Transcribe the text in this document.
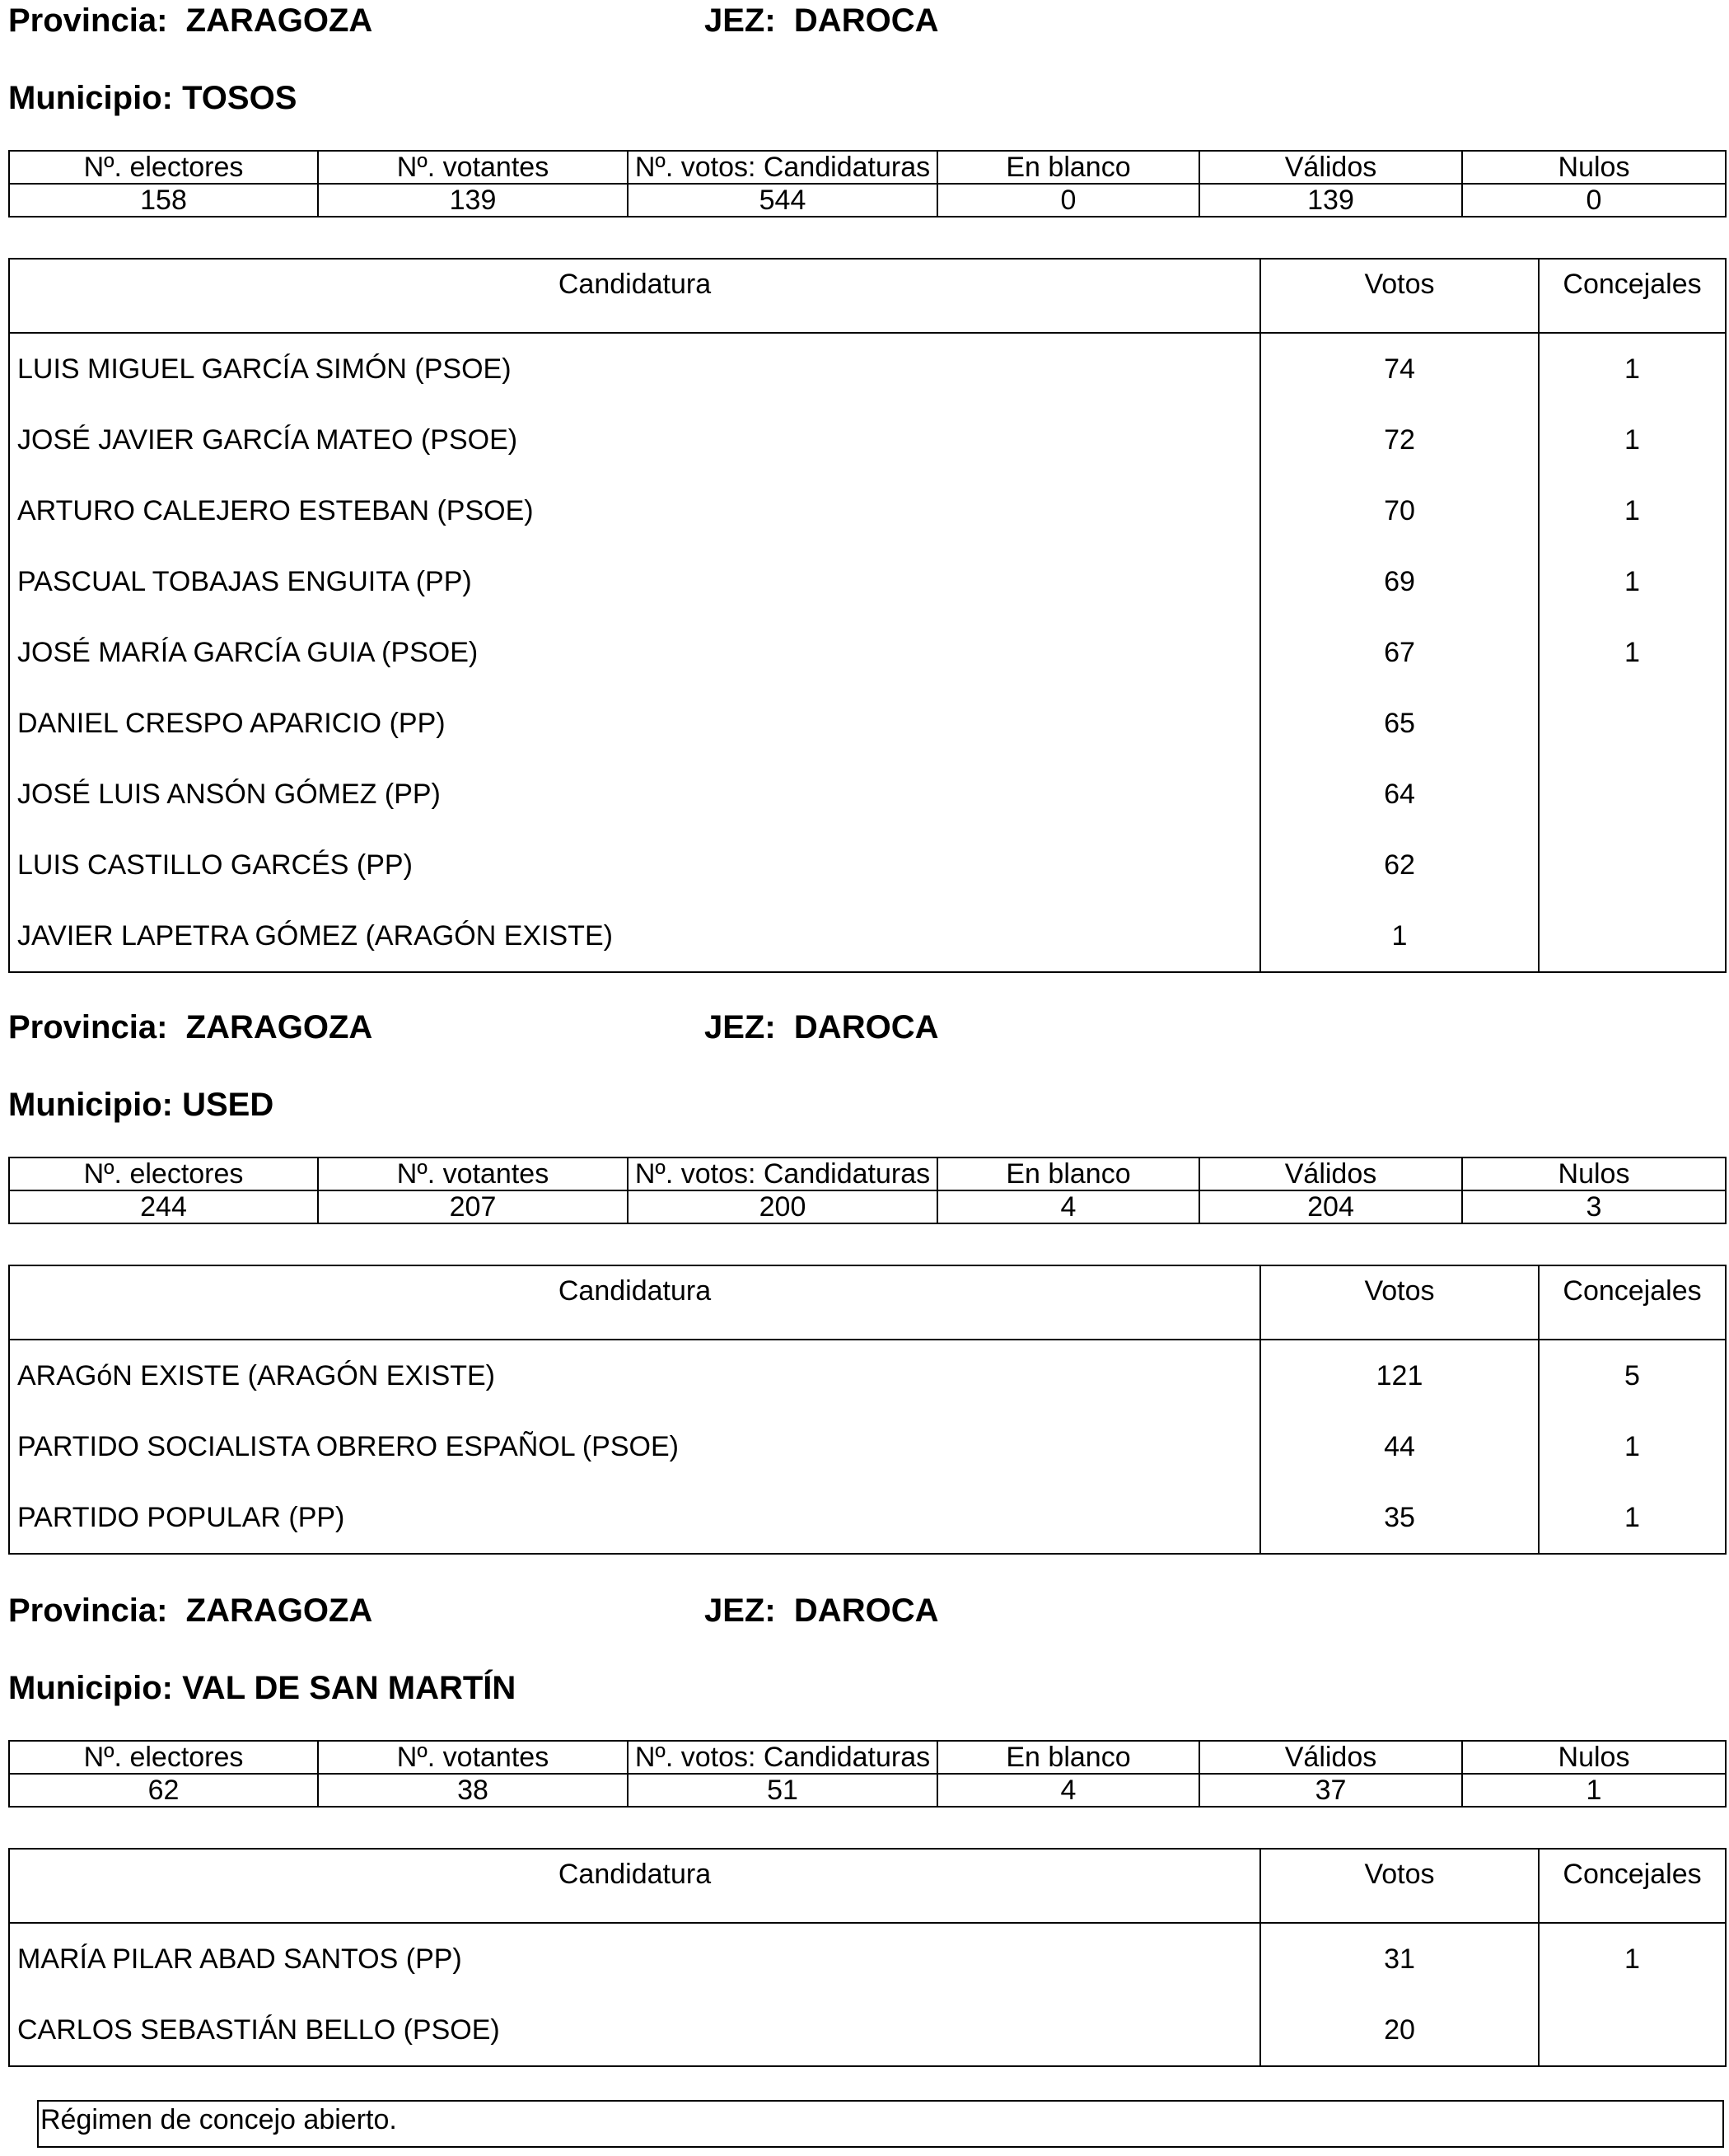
Provincia: ZARAGOZA	JEZ: DAROCA
Municipio: TOSOS
Nº. electores	Nº. votantes	Nº. votos: Candidaturas	En blanco	Válidos	Nulos
158	139	544	0	139	0
Candidatura	Votos	Concejales
LUIS MIGUEL GARCÍA SIMÓN (PSOE)	74	1
JOSÉ JAVIER GARCÍA MATEO (PSOE)	72	1
ARTURO CALEJERO ESTEBAN (PSOE)	70	1
PASCUAL TOBAJAS ENGUITA (PP)	69	1
JOSÉ MARÍA GARCÍA GUIA (PSOE)	67	1
DANIEL CRESPO APARICIO (PP)	65	
JOSÉ LUIS ANSÓN GÓMEZ (PP)	64	
LUIS CASTILLO GARCÉS (PP)	62	
JAVIER LAPETRA GÓMEZ (ARAGÓN EXISTE)	1	
Provincia: ZARAGOZA	JEZ: DAROCA
Municipio: USED
Nº. electores	Nº. votantes	Nº. votos: Candidaturas	En blanco	Válidos	Nulos
244	207	200	4	204	3
Candidatura	Votos	Concejales
ARAGóN EXISTE (ARAGÓN EXISTE)	121	5
PARTIDO SOCIALISTA OBRERO ESPAÑOL (PSOE)	44	1
PARTIDO POPULAR (PP)	35	1
Provincia: ZARAGOZA	JEZ: DAROCA
Municipio: VAL DE SAN MARTÍN
Nº. electores	Nº. votantes	Nº. votos: Candidaturas	En blanco	Válidos	Nulos
62	38	51	4	37	1
Candidatura	Votos	Concejales
MARÍA PILAR ABAD SANTOS (PP)	31	1
CARLOS SEBASTIÁN BELLO (PSOE)	20	
Régimen de concejo abierto.
